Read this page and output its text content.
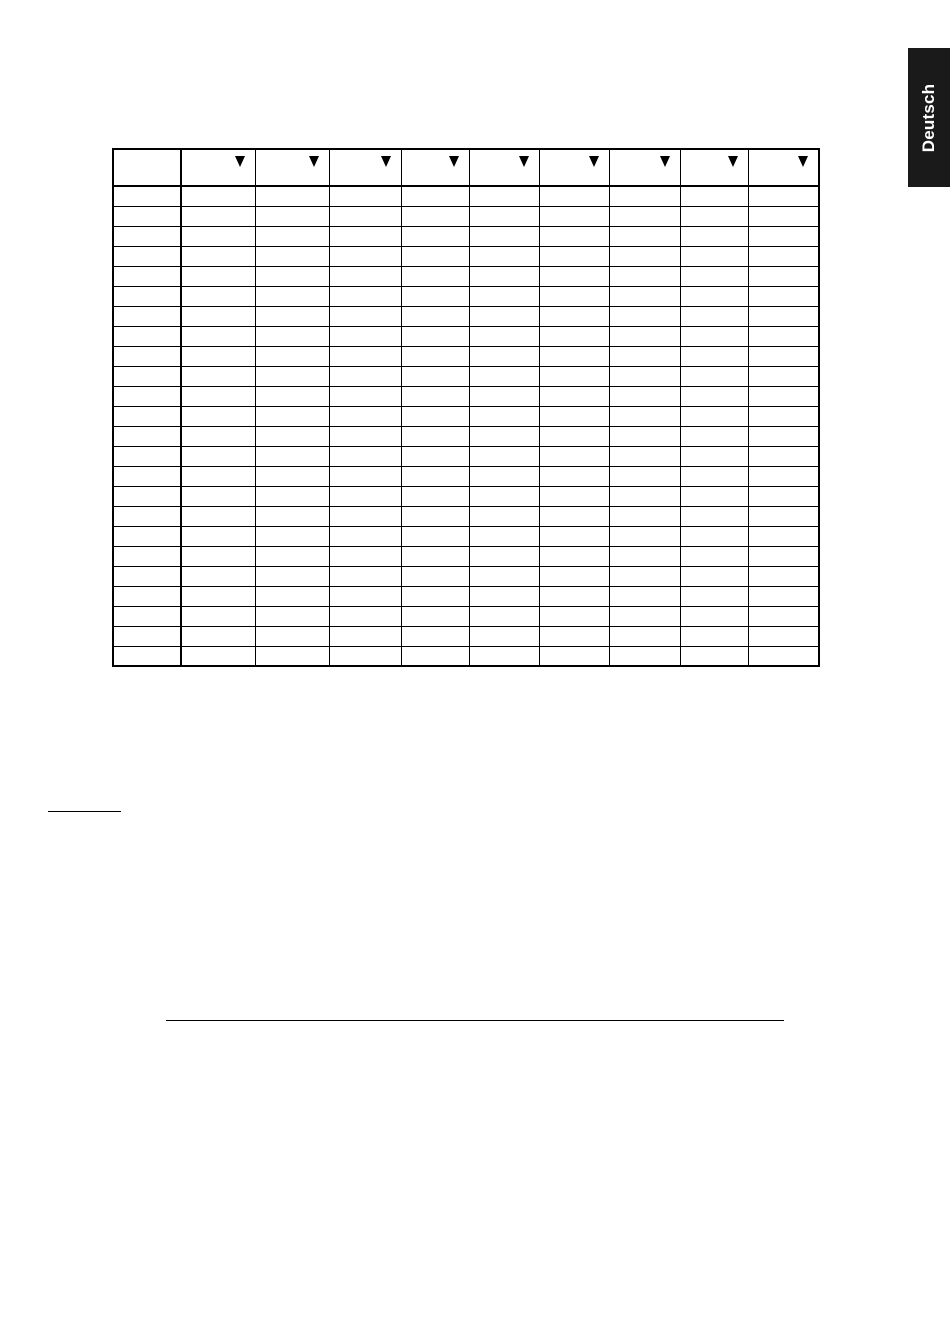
Deutsch
